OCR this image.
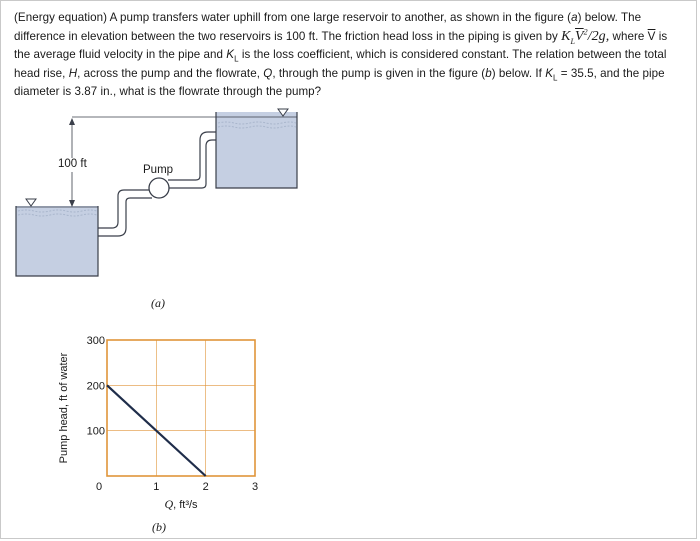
(Energy equation) A pump transfers water uphill from one large reservoir to another, as shown in the figure (a) below. The difference in elevation between the two reservoirs is 100 ft. The friction head loss in the piping is given by $K_L\overline{V}^2/2g$, where $\overline{V}$ is the average fluid velocity in the pipe and $K_L$ is the loss coefficient, which is considered constant. The relation between the total head rise, H, across the pump and the flowrate, Q, through the pump is given in the figure (b) below. If $K_L = 35.5$, and the pipe diameter is 3.87 in., what is the flowrate through the pump?
100 ft	Pump
(a)
1	2	3
0
100
200
300
Pump head, ft of water
Q, ft³/s
(b)
